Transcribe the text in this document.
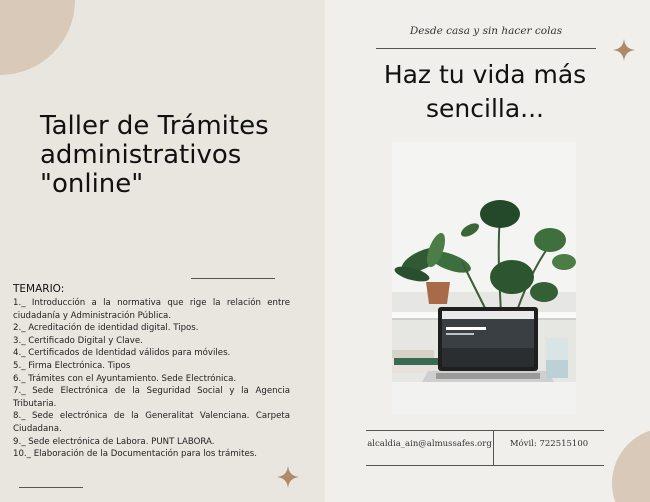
Taller de Trámites
administrativos
"online"
TEMARIO:
1._ Introducción a la normativa que rige la relación entre ciudadanía y Administración Pública.
2._ Acreditación de identidad digital. Tipos.
3._ Certificado Digital y Clave.
4._ Certificados de Identidad válidos para móviles.
5._ Firma Electrónica. Tipos
6._ Trámites con el Ayuntamiento. Sede Electrónica.
7._ Sede Electrónica de la Seguridad Social y la Agencia Tributaria.
8._ Sede electrónica de la Generalitat Valenciana. Carpeta Ciudadana.
9._ Sede electrónica de Labora. PUNT LABORA.
10._ Elaboración de la Documentación para los trámites.
Desde casa y sin hacer colas
Haz tu vida más
sencilla...
alcaldia_ain@almussafes.org	Móvil: 722515100
